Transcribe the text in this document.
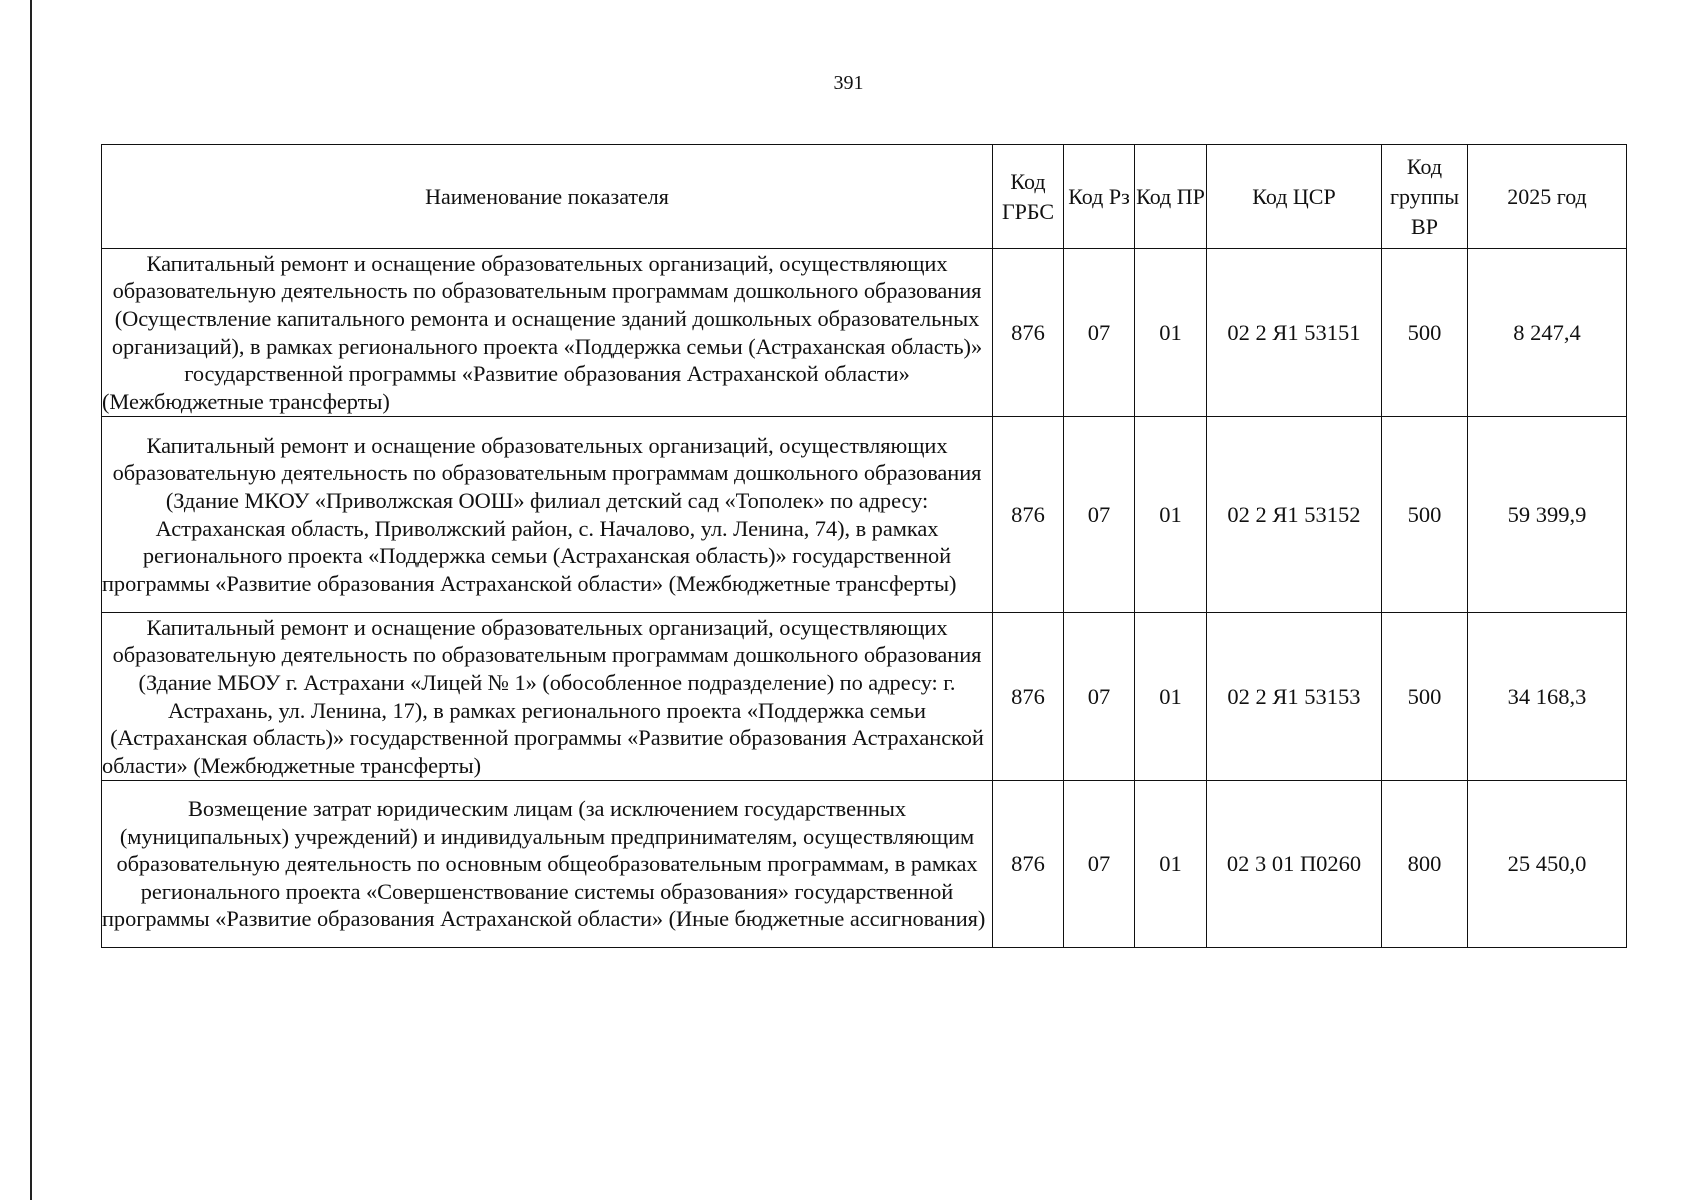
391
Наименование показателя	Код ГРБС	Код Рз	Код ПР	Код ЦСР	Код группы ВР	2025 год
Капитальный ремонт и оснащение образовательных организаций, осуществляющих образовательную деятельность по образовательным программам дошкольного образования (Осуществление капитального ремонта и оснащение зданий дошкольных образовательных организаций), в рамках регионального проекта «Поддержка семьи (Астраханская область)» государственной программы «Развитие образования Астраханской области» (Межбюджетные трансферты)	876	07	01	02 2 Я1 53151	500	8 247,4
Капитальный ремонт и оснащение образовательных организаций, осуществляющих образовательную деятельность по образовательным программам дошкольного образования (Здание МКОУ «Приволжская ООШ» филиал детский сад «Тополек» по адресу: Астраханская область, Приволжский район, с. Началово, ул. Ленина, 74), в рамках регионального проекта «Поддержка семьи (Астраханская область)» государственной программы «Развитие образования Астраханской области» (Межбюджетные трансферты)	876	07	01	02 2 Я1 53152	500	59 399,9
Капитальный ремонт и оснащение образовательных организаций, осуществляющих образовательную деятельность по образовательным программам дошкольного образования (Здание МБОУ г. Астрахани «Лицей № 1» (обособленное подразделение) по адресу: г. Астрахань, ул. Ленина, 17), в рамках регионального проекта «Поддержка семьи (Астраханская область)» государственной программы «Развитие образования Астраханской области» (Межбюджетные трансферты)	876	07	01	02 2 Я1 53153	500	34 168,3
Возмещение затрат юридическим лицам (за исключением государственных (муниципальных) учреждений) и индивидуальным предпринимателям, осуществляющим образовательную деятельность по основным общеобразовательным программам, в рамках регионального проекта «Совершенствование системы образования» государственной программы «Развитие образования Астраханской области» (Иные бюджетные ассигнования)	876	07	01	02 3 01 П0260	800	25 450,0
